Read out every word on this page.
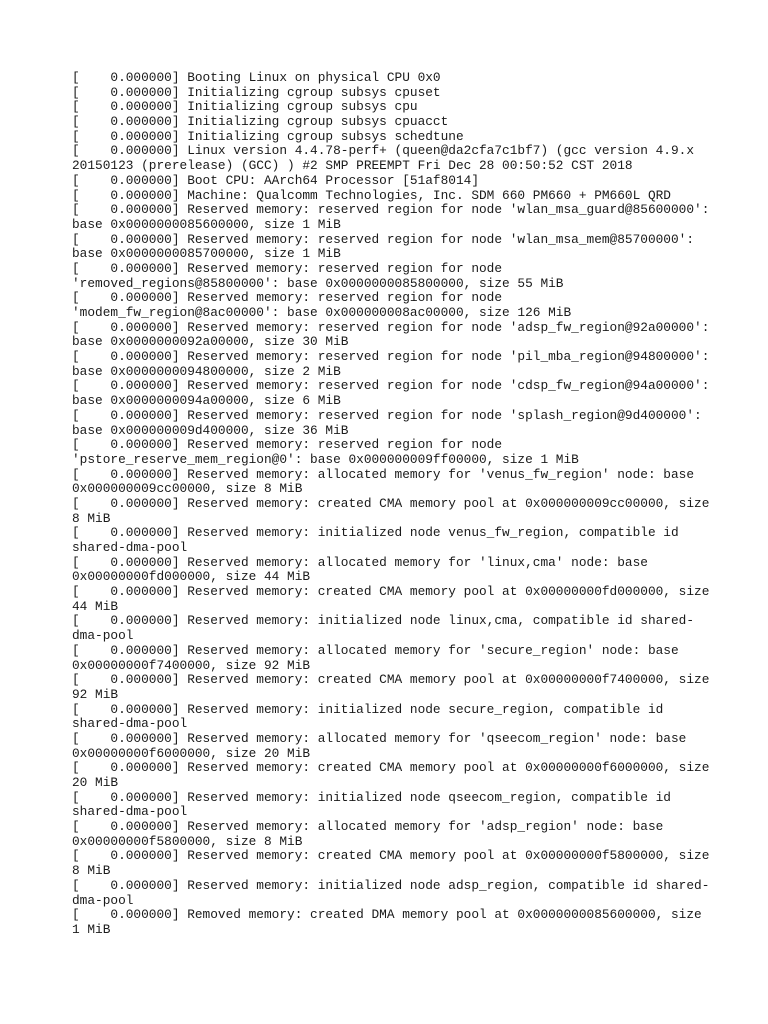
[    0.000000] Booting Linux on physical CPU 0x0
[    0.000000] Initializing cgroup subsys cpuset
[    0.000000] Initializing cgroup subsys cpu
[    0.000000] Initializing cgroup subsys cpuacct
[    0.000000] Initializing cgroup subsys schedtune
[    0.000000] Linux version 4.4.78-perf+ (queen@da2cfa7c1bf7) (gcc version 4.9.x
20150123 (prerelease) (GCC) ) #2 SMP PREEMPT Fri Dec 28 00:50:52 CST 2018
[    0.000000] Boot CPU: AArch64 Processor [51af8014]
[    0.000000] Machine: Qualcomm Technologies, Inc. SDM 660 PM660 + PM660L QRD
[    0.000000] Reserved memory: reserved region for node 'wlan_msa_guard@85600000':
base 0x0000000085600000, size 1 MiB
[    0.000000] Reserved memory: reserved region for node 'wlan_msa_mem@85700000':
base 0x0000000085700000, size 1 MiB
[    0.000000] Reserved memory: reserved region for node
'removed_regions@85800000': base 0x0000000085800000, size 55 MiB
[    0.000000] Reserved memory: reserved region for node
'modem_fw_region@8ac00000': base 0x000000008ac00000, size 126 MiB
[    0.000000] Reserved memory: reserved region for node 'adsp_fw_region@92a00000':
base 0x0000000092a00000, size 30 MiB
[    0.000000] Reserved memory: reserved region for node 'pil_mba_region@94800000':
base 0x0000000094800000, size 2 MiB
[    0.000000] Reserved memory: reserved region for node 'cdsp_fw_region@94a00000':
base 0x0000000094a00000, size 6 MiB
[    0.000000] Reserved memory: reserved region for node 'splash_region@9d400000':
base 0x000000009d400000, size 36 MiB
[    0.000000] Reserved memory: reserved region for node
'pstore_reserve_mem_region@0': base 0x000000009ff00000, size 1 MiB
[    0.000000] Reserved memory: allocated memory for 'venus_fw_region' node: base
0x000000009cc00000, size 8 MiB
[    0.000000] Reserved memory: created CMA memory pool at 0x000000009cc00000, size
8 MiB
[    0.000000] Reserved memory: initialized node venus_fw_region, compatible id
shared-dma-pool
[    0.000000] Reserved memory: allocated memory for 'linux,cma' node: base
0x00000000fd000000, size 44 MiB
[    0.000000] Reserved memory: created CMA memory pool at 0x00000000fd000000, size
44 MiB
[    0.000000] Reserved memory: initialized node linux,cma, compatible id shared-
dma-pool
[    0.000000] Reserved memory: allocated memory for 'secure_region' node: base
0x00000000f7400000, size 92 MiB
[    0.000000] Reserved memory: created CMA memory pool at 0x00000000f7400000, size
92 MiB
[    0.000000] Reserved memory: initialized node secure_region, compatible id
shared-dma-pool
[    0.000000] Reserved memory: allocated memory for 'qseecom_region' node: base
0x00000000f6000000, size 20 MiB
[    0.000000] Reserved memory: created CMA memory pool at 0x00000000f6000000, size
20 MiB
[    0.000000] Reserved memory: initialized node qseecom_region, compatible id
shared-dma-pool
[    0.000000] Reserved memory: allocated memory for 'adsp_region' node: base
0x00000000f5800000, size 8 MiB
[    0.000000] Reserved memory: created CMA memory pool at 0x00000000f5800000, size
8 MiB
[    0.000000] Reserved memory: initialized node adsp_region, compatible id shared-
dma-pool
[    0.000000] Removed memory: created DMA memory pool at 0x0000000085600000, size
1 MiB
